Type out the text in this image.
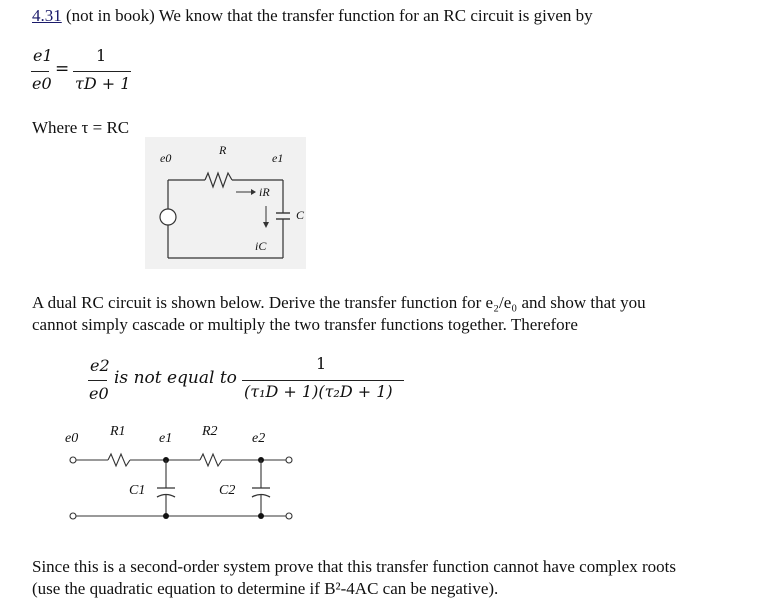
4.31 (not in book) We know that the transfer function for an RC circuit is given by
e1
e0
=
1
τD + 1
Where τ = RC
e0
R
e1
iR
C
iC
A dual RC circuit is shown below. Derive the transfer function for e₂/e₀ and show that you
cannot simply cascade or multiply the two transfer functions together. Therefore
e2
e0
is not equal to
1
(τ₁D + 1)(τ₂D + 1)
e0 R1 e1 R2 e2
C1	C2
Since this is a second-order system prove that this transfer function cannot have complex roots
(use the quadratic equation to determine if B²-4AC can be negative).
